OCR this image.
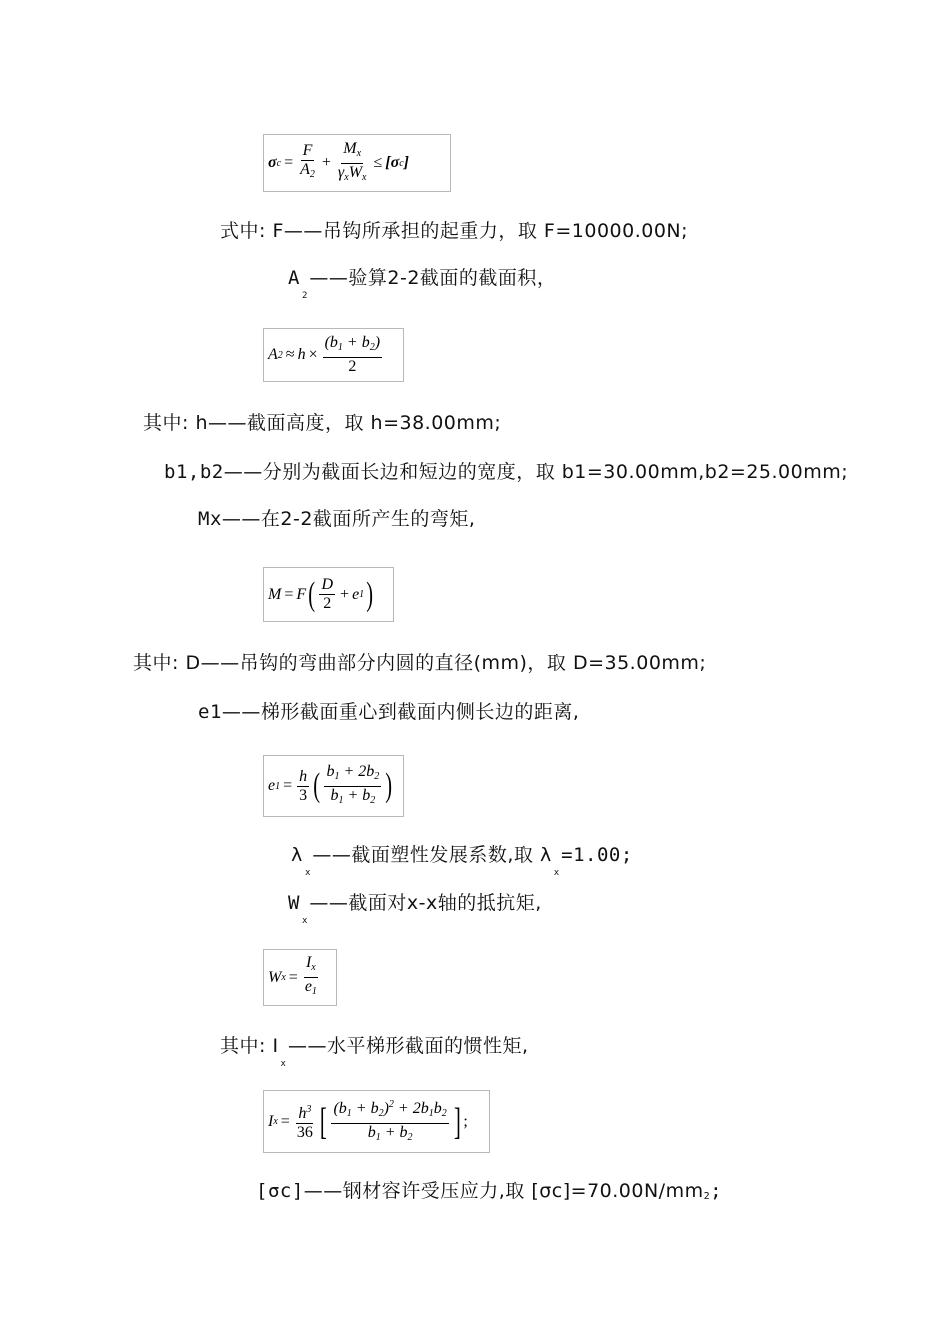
σ $c = \frac{F}{A2} + \frac{Mx}{\text{γxWx}} \le [\sigma$ c ]
式中: F——吊钩所承担的起重力，取 F=10000.00N;
$A_2——$验算2-2截面的截面积，
A $2 \approx h \times \frac{(b1 + b2)}{2}$
其中: h——截面高度，取 h=38.00mm;
b1,b2——分别为截面长边和短边的宽度，取 b1=30.00mm,b2=25.00mm;
Mx——在2-2截面所产生的弯矩,
M = F ( $\frac{D}{2} + e$ 1 )
其中: D——吊钩的弯曲部分内圆的直径(mm)，取 D=35.00mm;
e1——梯形截面重心到截面内侧长边的距离,
e $1 = \frac{h}{3}$ ( $\frac{b1 + 2b2}{b1 + b2}$ )
$\lambda_x——$截面塑性发展系数,取 $\lambda_x=1.00$;
$W_x——$截面对x-x轴的抵抗矩,
W $x = \frac{Ix}{e1}$
其中: $I_x——$水平梯形截面的惯性矩,
I $x = \frac{h^3}{36}$ [ $\frac{(b1 + b2)^2 + 2b1b2}{b1 + b2}$ ] ;
[σc]——钢材容许受压应力,取 [σc]=70.00N/mm2;
